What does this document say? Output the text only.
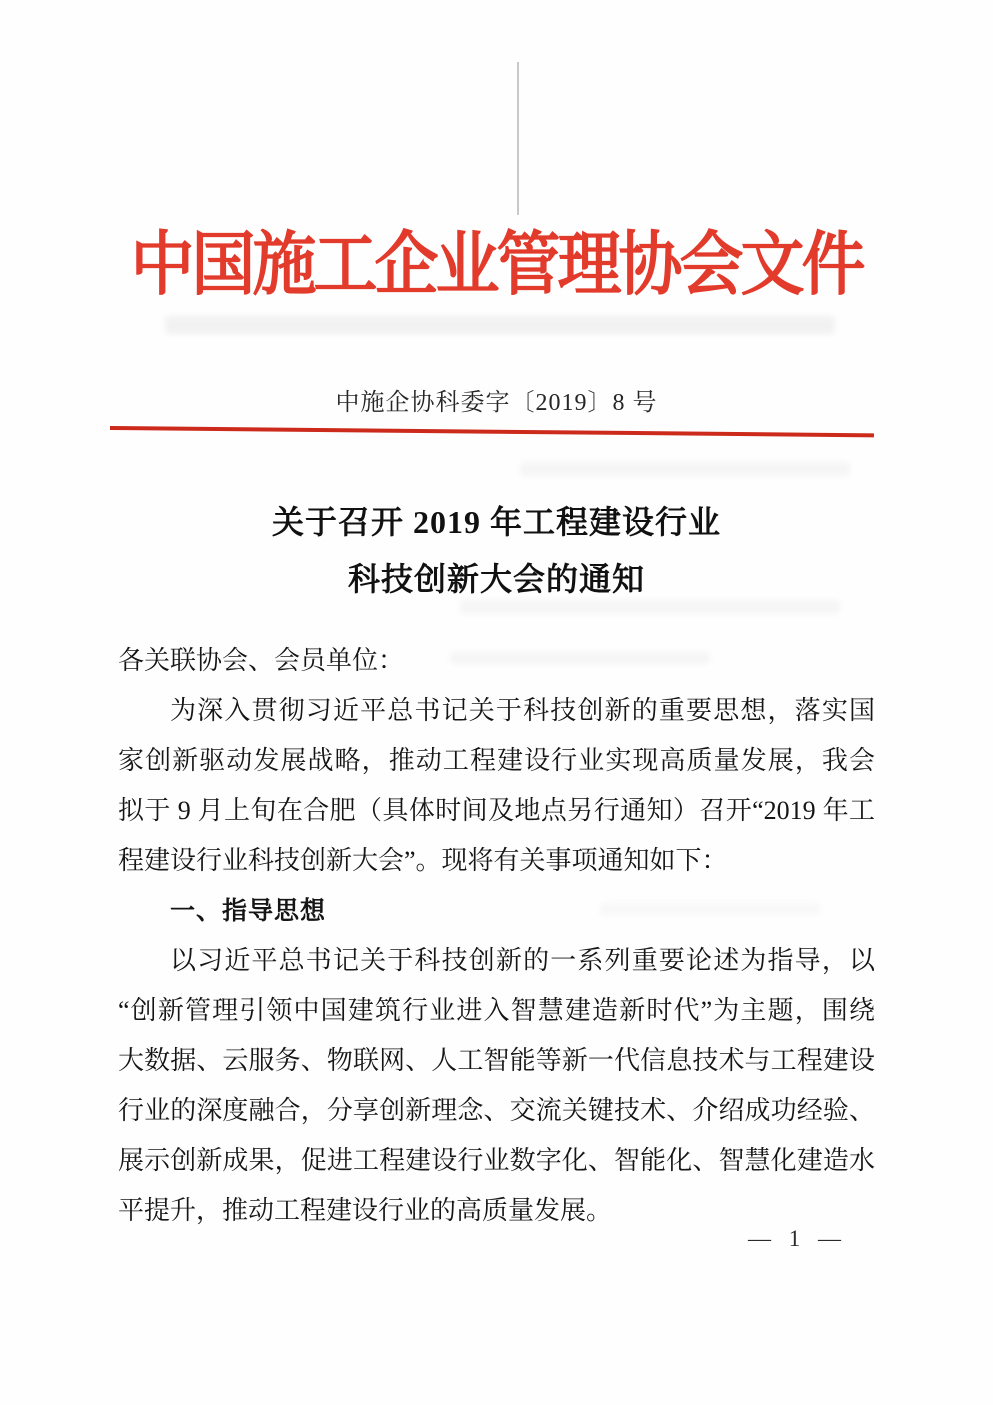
中国施工企业管理协会文件
中施企协科委字〔2019〕8 号
关于召开 2019 年工程建设行业
科技创新大会的通知
各关联协会、会员单位：
为深入贯彻习近平总书记关于科技创新的重要思想，落实国
家创新驱动发展战略，推动工程建设行业实现高质量发展，我会
拟于 9 月上旬在合肥（具体时间及地点另行通知）召开“2019 年工
程建设行业科技创新大会”。现将有关事项通知如下：
一、指导思想
以习近平总书记关于科技创新的一系列重要论述为指导，以
“创新管理引领中国建筑行业进入智慧建造新时代”为主题，围绕
大数据、云服务、物联网、人工智能等新一代信息技术与工程建设
行业的深度融合，分享创新理念、交流关键技术、介绍成功经验、
展示创新成果，促进工程建设行业数字化、智能化、智慧化建造水
平提升，推动工程建设行业的高质量发展。
— 1 —
